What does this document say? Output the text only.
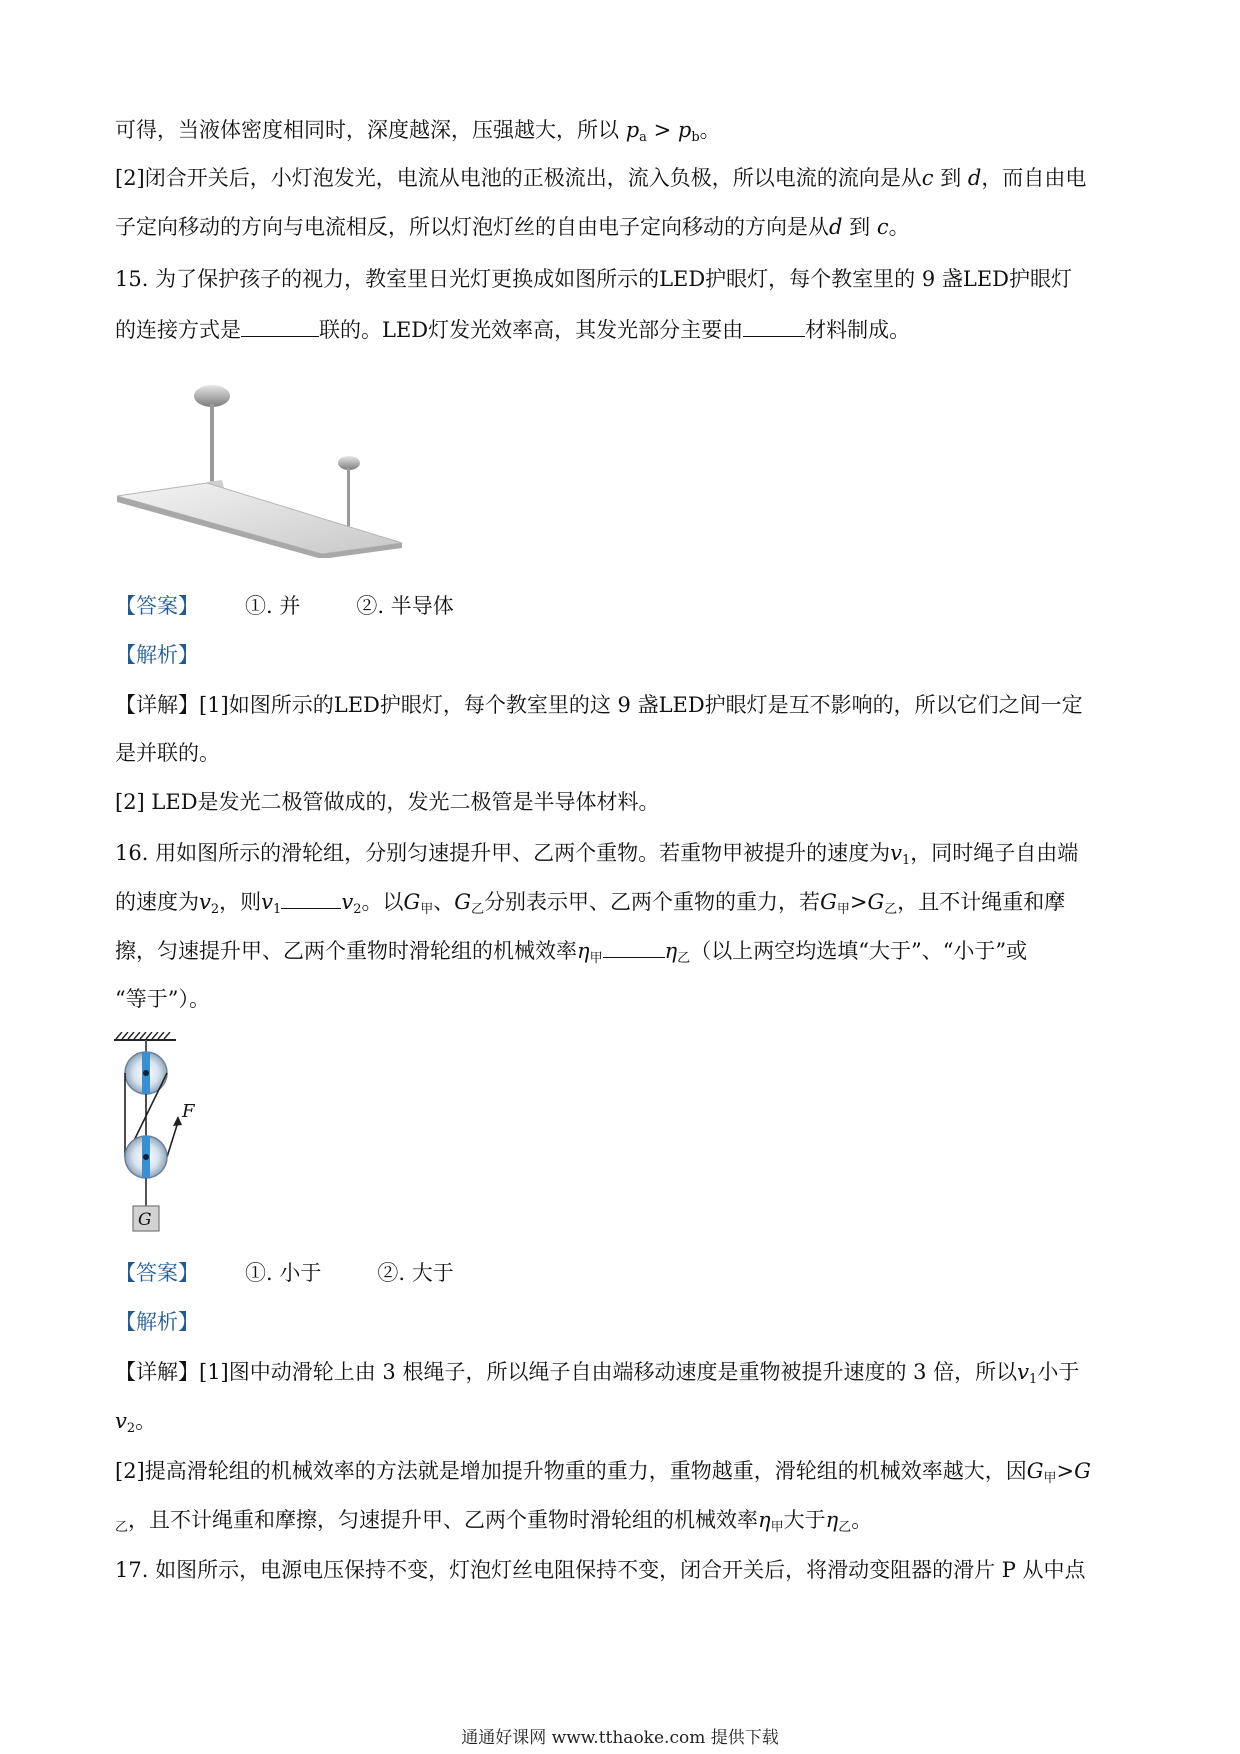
可得，当液体密度相同时，深度越深，压强越大，所以 $p_a > p_b$。
[2]闭合开关后，小灯泡发光，电流从电池的正极流出，流入负极，所以电流的流向是从c 到 d，而自由电
子定向移动的方向与电流相反，所以灯泡灯丝的自由电子定向移动的方向是从d 到 c。
15. 为了保护孩子的视力，教室里日光灯更换成如图所示的LED护眼灯，每个教室里的 9 盏LED护眼灯
的连接方式是	联的。LED灯发光效率高，其发光部分主要由	材料制成。
【答案】 ①. 并	②. 半导体
【解析】
【详解】[1]如图所示的LED护眼灯，每个教室里的这 9 盏LED护眼灯是互不影响的，所以它们之间一定
是并联的。
[2] LED是发光二极管做成的，发光二极管是半导体材料。
16. 用如图所示的滑轮组，分别匀速提升甲、乙两个重物。若重物甲被提升的速度为$v_1$，同时绳子自由端
的速度为$v_2$，则$v_1$	$v_2$。以$G_甲$、$G_乙$分别表示甲、乙两个重物的重力，若$G_甲>G_乙$，且不计绳重和摩
擦，匀速提升甲、乙两个重物时滑轮组的机械效率$\eta_甲$	$\eta_乙$（以上两空均选填“大于”、“小于”或
“等于”）。
F
G
【答案】 ①. 小于	②. 大于
【解析】
【详解】[1]图中动滑轮上由 3 根绳子，所以绳子自由端移动速度是重物被提升速度的 3 倍，所以$v_1$小于
$v_2$。
[2]提高滑轮组的机械效率的方法就是增加提升物重的重力，重物越重，滑轮组的机械效率越大，因$G_甲>G$
$_乙$，且不计绳重和摩擦，匀速提升甲、乙两个重物时滑轮组的机械效率$\eta_甲$大于$\eta_乙$。
17. 如图所示，电源电压保持不变，灯泡灯丝电阻保持不变，闭合开关后，将滑动变阻器的滑片 P 从中点
通通好课网 www.tthaoke.com 提供下载
